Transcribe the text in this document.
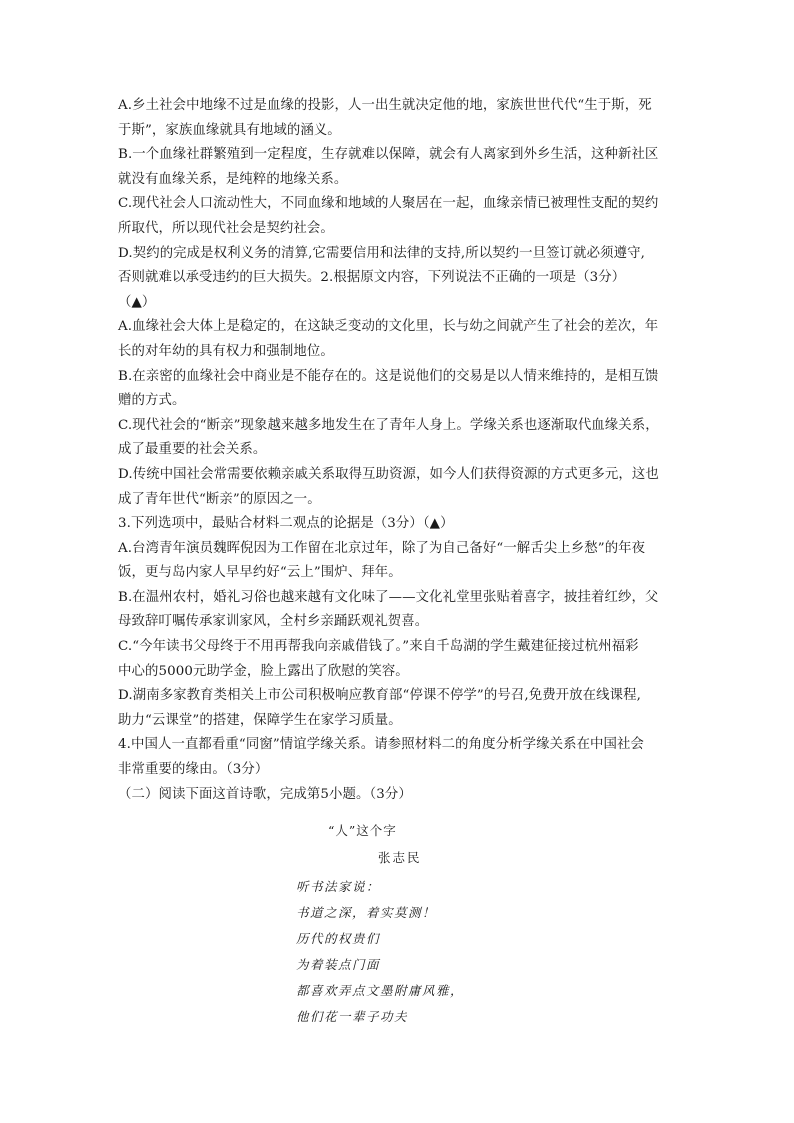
A.乡土社会中地缘不过是血缘的投影，人一出生就决定他的地，家族世世代代“生于斯，死
于斯”，家族血缘就具有地域的涵义。
B.一个血缘社群繁殖到一定程度，生存就难以保障，就会有人离家到外乡生活，这种新社区
就没有血缘关系，是纯粹的地缘关系。
C.现代社会人口流动性大，不同血缘和地域的人聚居在一起，血缘亲情已被理性支配的契约
所取代，所以现代社会是契约社会。
D.契约的完成是权利义务的清算,它需要信用和法律的支持,所以契约一旦签订就必须遵守,
否则就难以承受违约的巨大损失。2.根据原文内容，下列说法不正确的一项是（3分）
（▲）
A.血缘社会大体上是稳定的，在这缺乏变动的文化里，长与幼之间就产生了社会的差次，年
长的对年幼的具有权力和强制地位。
B.在亲密的血缘社会中商业是不能存在的。这是说他们的交易是以人情来维持的，是相互馈
赠的方式。
C.现代社会的“断亲”现象越来越多地发生在了青年人身上。学缘关系也逐渐取代血缘关系，
成了最重要的社会关系。
D.传统中国社会常需要依赖亲戚关系取得互助资源，如今人们获得资源的方式更多元，这也
成了青年世代“断亲”的原因之一。
3.下列选项中，最贴合材料二观点的论据是（3分）（▲）
A.台湾青年演员魏晖倪因为工作留在北京过年，除了为自己备好“一解舌尖上乡愁”的年夜
饭，更与岛内家人早早约好“云上”围炉、拜年。
B.在温州农村，婚礼习俗也越来越有文化味了——文化礼堂里张贴着喜字，披挂着红纱，父
母致辞叮嘱传承家训家风，全村乡亲踊跃观礼贺喜。
C.“今年读书父母终于不用再帮我向亲戚借钱了。”来自千岛湖的学生戴建征接过杭州福彩
中心的5000元助学金，脸上露出了欣慰的笑容。
D.湖南多家教育类相关上市公司积极响应教育部“停课不停学”的号召,免费开放在线课程,
助力“云课堂”的搭建，保障学生在家学习质量。
4.中国人一直都看重“同窗”情谊学缘关系。请参照材料二的角度分析学缘关系在中国社会
非常重要的缘由。（3分）
（二）阅读下面这首诗歌，完成第5小题。（3分）
“人”这个字
张志民
听书法家说：
书道之深，着实莫测！
历代的权贵们
为着装点门面
都喜欢弄点文墨附庸风雅，
他们花一辈子功夫
